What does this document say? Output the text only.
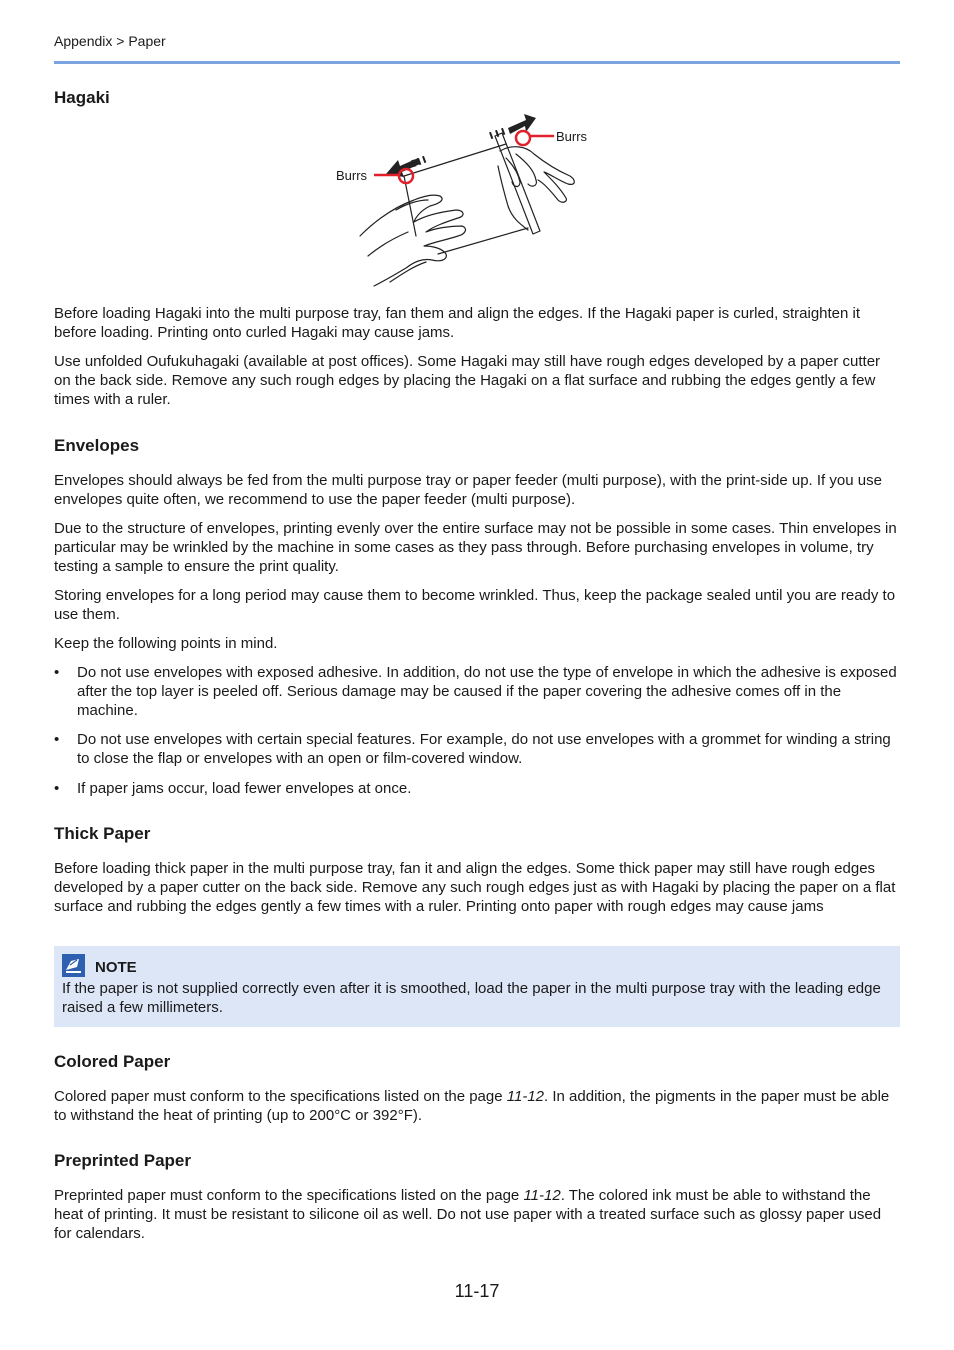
Appendix > Paper
Hagaki
Burrs
Burrs

Before loading Hagaki into the multi purpose tray, fan them and align the edges. If the Hagaki paper is curled, straighten it before loading. Printing onto curled Hagaki may cause jams.

Use unfolded Oufukuhagaki (available at post offices). Some Hagaki may still have rough edges developed by a paper cutter on the back side. Remove any such rough edges by placing the Hagaki on a flat surface and rubbing the edges gently a few times with a ruler.

Envelopes

Envelopes should always be fed from the multi purpose tray or paper feeder (multi purpose), with the print-side up. If you use envelopes quite often, we recommend to use the paper feeder (multi purpose).

Due to the structure of envelopes, printing evenly over the entire surface may not be possible in some cases. Thin envelopes in particular may be wrinkled by the machine in some cases as they pass through. Before purchasing envelopes in volume, try testing a sample to ensure the print quality.

Storing envelopes for a long period may cause them to become wrinkled. Thus, keep the package sealed until you are ready to use them.

Keep the following points in mind.

• Do not use envelopes with exposed adhesive. In addition, do not use the type of envelope in which the adhesive is exposed after the top layer is peeled off. Serious damage may be caused if the paper covering the adhesive comes off in the machine.
• Do not use envelopes with certain special features. For example, do not use envelopes with a grommet for winding a string to close the flap or envelopes with an open or film-covered window.
• If paper jams occur, load fewer envelopes at once.
Thick Paper

Before loading thick paper in the multi purpose tray, fan it and align the edges. Some thick paper may still have rough edges developed by a paper cutter on the back side. Remove any such rough edges just as with Hagaki by placing the paper on a flat surface and rubbing the edges gently a few times with a ruler. Printing onto paper with rough edges may cause jams

NOTE
If the paper is not supplied correctly even after it is smoothed, load the paper in the multi purpose tray with the leading edge raised a few millimeters.
Colored Paper

Colored paper must conform to the specifications listed on the page 11-12. In addition, the pigments in the paper must be able to withstand the heat of printing (up to 200°C or 392°F).

Preprinted Paper

Preprinted paper must conform to the specifications listed on the page 11-12. The colored ink must be able to withstand the heat of printing. It must be resistant to silicone oil as well. Do not use paper with a treated surface such as glossy paper used for calendars.

11-17
